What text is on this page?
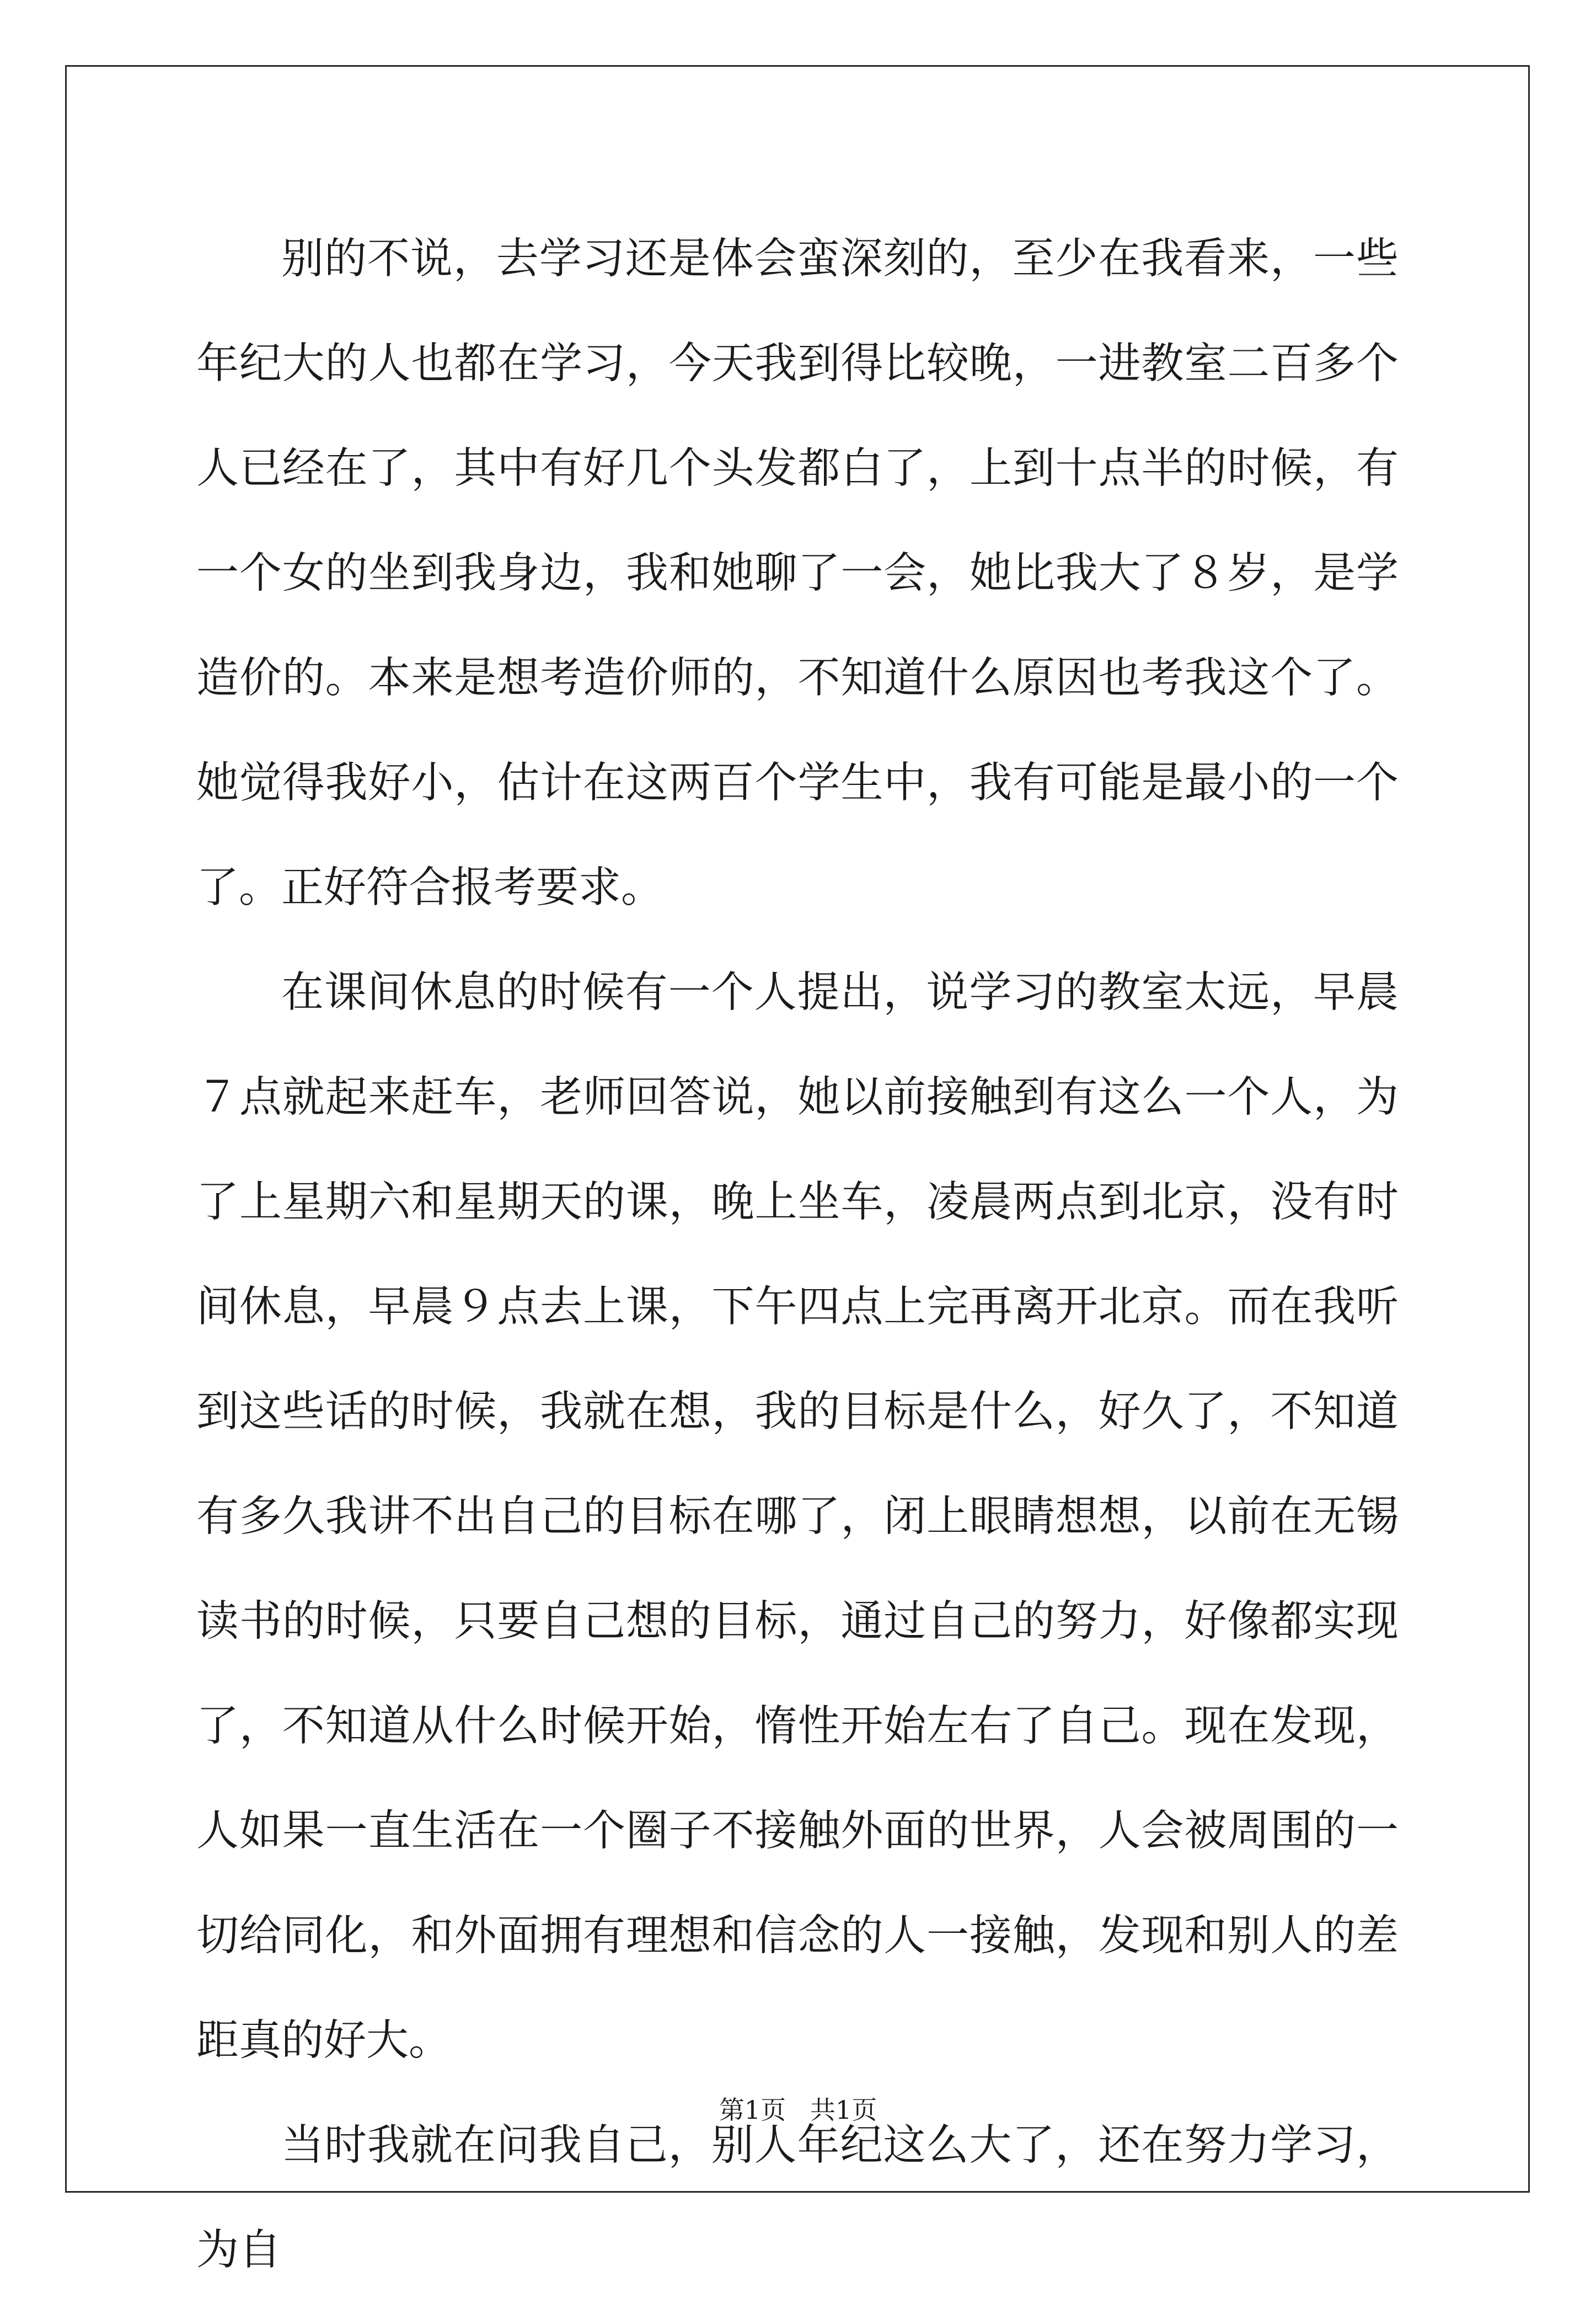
别的不说，去学习还是体会蛮深刻的，至少在我看来，一些年纪大的人也都在学习，今天我到得比较晚，一进教室二百多个人已经在了，其中有好几个头发都白了，上到十点半的时候，有一个女的坐到我身边，我和她聊了一会，她比我大了８岁，是学造价的。本来是想考造价师的，不知道什么原因也考我这个了。她觉得我好小，估计在这两百个学生中，我有可能是最小的一个了。正好符合报考要求。

在课间休息的时候有一个人提出，说学习的教室太远，早晨７点就起来赶车，老师回答说，她以前接触到有这么一个人，为了上星期六和星期天的课，晚上坐车，凌晨两点到北京，没有时间休息，早晨９点去上课，下午四点上完再离开北京。而在我听到这些话的时候，我就在想，我的目标是什么，好久了，不知道有多久我讲不出自己的目标在哪了，闭上眼睛想想，以前在无锡读书的时候，只要自己想的目标，通过自己的努力，好像都实现了，不知道从什么时候开始，惰性开始左右了自己。现在发现，人如果一直生活在一个圈子不接触外面的世界，人会被周围的一切给同化，和外面拥有理想和信念的人一接触，发现和别人的差距真的好大。

当时我就在问我自己，别人年纪这么大了，还在努力学习，为自

第1页   共1页
